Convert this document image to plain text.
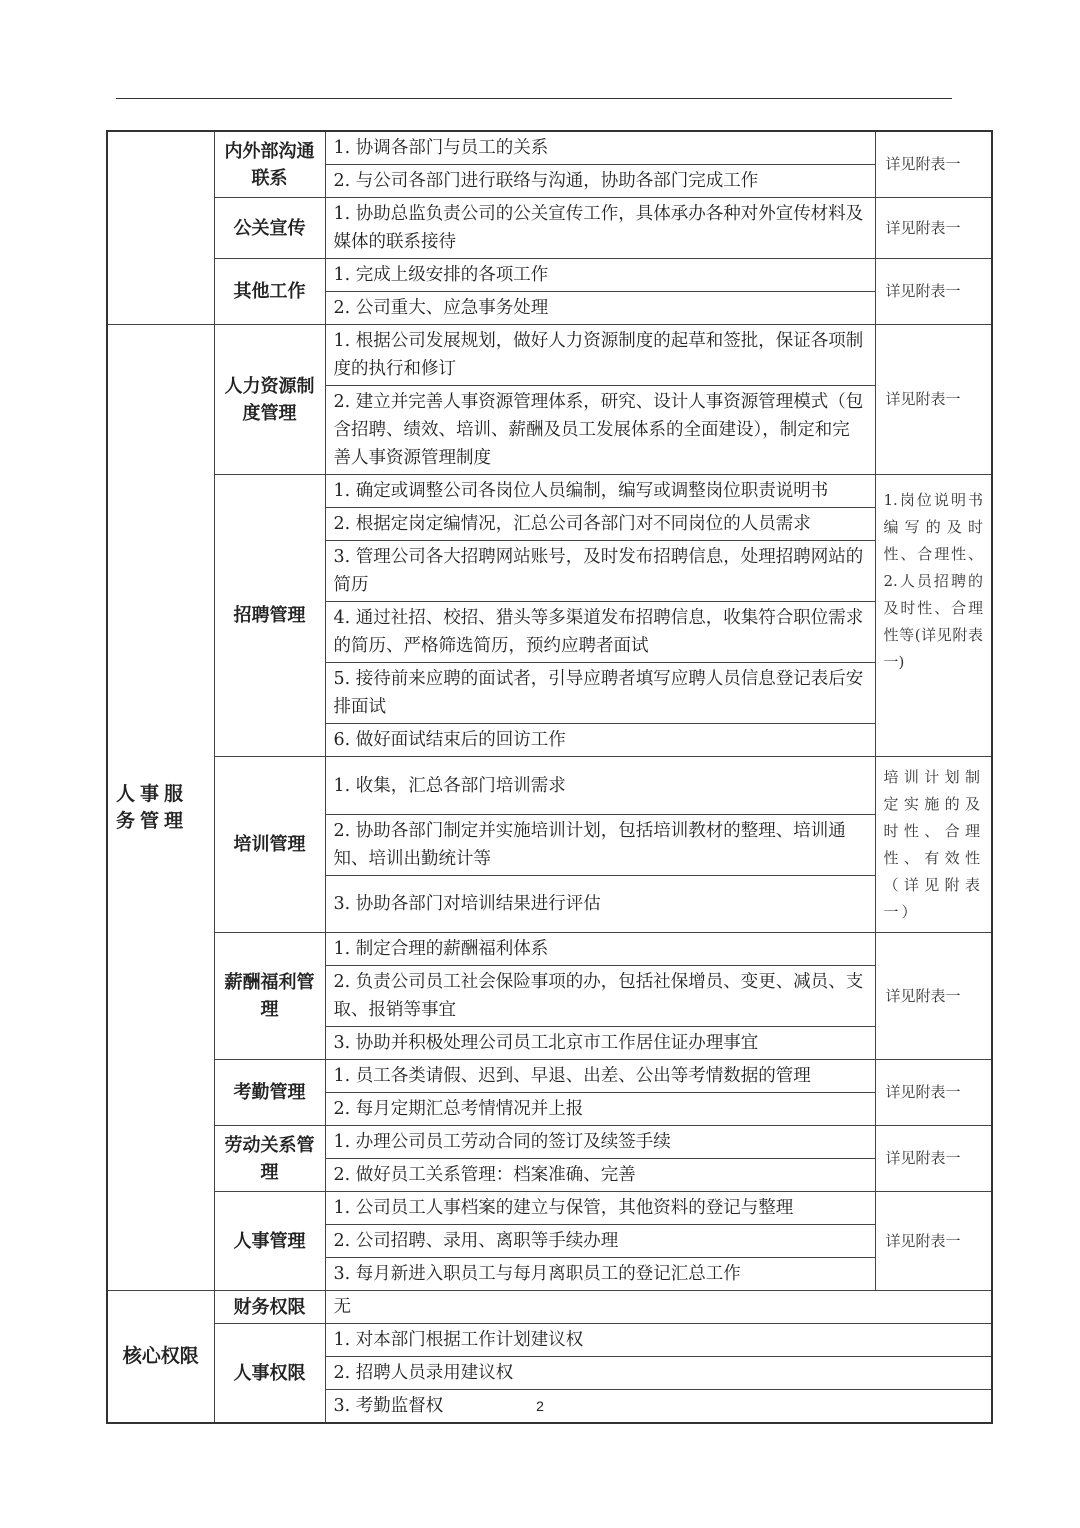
	内外部沟通联系	1. 协调各部门与员工的关系	详见附表一
		2. 与公司各部门进行联络与沟通，协助各部门完成工作	
	公关宣传	1. 协助总监负责公司的公关宣传工作，具体承办各种对外宣传材料及媒体的联系接待	详见附表一
	其他工作	1. 完成上级安排的各项工作	详见附表一
		2. 公司重大、应急事务处理	

人事服务管理	人力资源制度管理	1. 根据公司发展规划，做好人力资源制度的起草和签批，保证各项制度的执行和修订	详见附表一
		2. 建立并完善人事资源管理体系，研究、设计人事资源管理模式（包含招聘、绩效、培训、薪酬及员工发展体系的全面建设），制定和完善人事资源管理制度	
	招聘管理	1. 确定或调整公司各岗位人员编制，编写或调整岗位职责说明书	1.岗位说明书编写的及时性、合理性、2.人员招聘的及时性、合理性等(详见附表一)
		2. 根据定岗定编情况，汇总公司各部门对不同岗位的人员需求	
		3. 管理公司各大招聘网站账号，及时发布招聘信息，处理招聘网站的简历	
		4. 通过社招、校招、猎头等多渠道发布招聘信息，收集符合职位需求的简历、严格筛选简历，预约应聘者面试	
		5. 接待前来应聘的面试者，引导应聘者填写应聘人员信息登记表后安排面试	
		6. 做好面试结束后的回访工作	
	培训管理	1. 收集，汇总各部门培训需求	培训计划制定实施的及时性、合理性、有效性（详见附表一）
		2. 协助各部门制定并实施培训计划，包括培训教材的整理、培训通知、培训出勤统计等	
		3. 协助各部门对培训结果进行评估	
	薪酬福利管理	1. 制定合理的薪酬福利体系	详见附表一
		2. 负责公司员工社会保险事项的办，包括社保增员、变更、减员、支取、报销等事宜	
		3. 协助并积极处理公司员工北京市工作居住证办理事宜	
	考勤管理	1. 员工各类请假、迟到、早退、出差、公出等考情数据的管理	详见附表一
		2. 每月定期汇总考情情况并上报	
	劳动关系管理	1. 办理公司员工劳动合同的签订及续签手续	详见附表一
		2. 做好员工关系管理：档案准确、完善	
	人事管理	1. 公司员工人事档案的建立与保管，其他资料的登记与整理	详见附表一
		2. 公司招聘、录用、离职等手续办理	
		3. 每月新进入职员工与每月离职员工的登记汇总工作	

核心权限	财务权限	无	
	人事权限	1. 对本部门根据工作计划建议权	
		2. 招聘人员录用建议权	
		3. 考勤监督权		2
